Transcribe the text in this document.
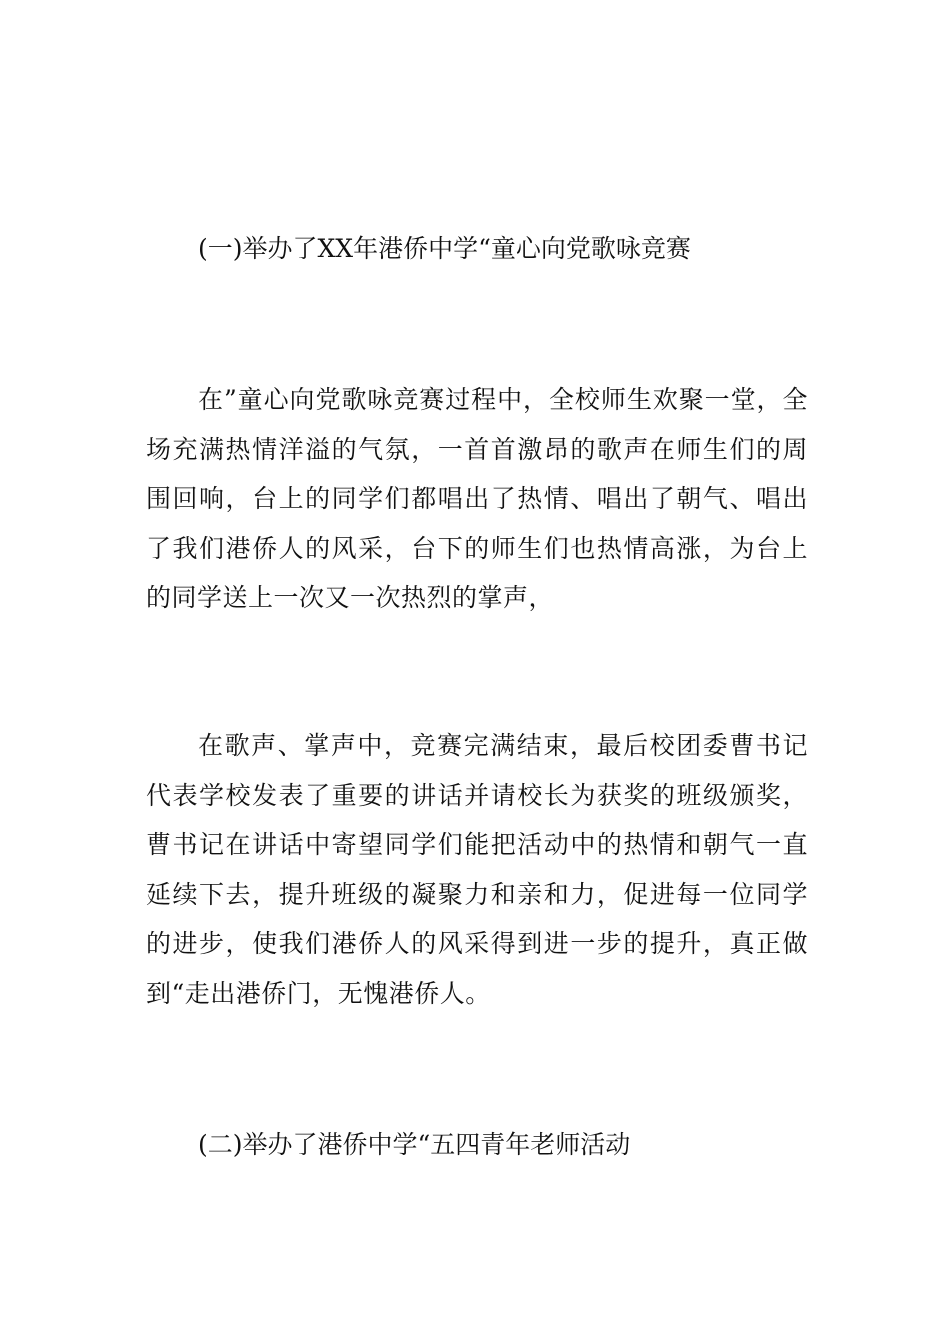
(一)举办了XX年港侨中学“童心向党歌咏竞赛

在”童心向党歌咏竞赛过程中，全校师生欢聚一堂，全场充满热情洋溢的气氛，一首首激昂的歌声在师生们的周围回响，台上的同学们都唱出了热情、唱出了朝气、唱出了我们港侨人的风采，台下的师生们也热情高涨，为台上的同学送上一次又一次热烈的掌声，

在歌声、掌声中，竞赛完满结束，最后校团委曹书记代表学校发表了重要的讲话并请校长为获奖的班级颁奖，曹书记在讲话中寄望同学们能把活动中的热情和朝气一直延续下去，提升班级的凝聚力和亲和力，促进每一位同学的进步，使我们港侨人的风采得到进一步的提升，真正做到“走出港侨门，无愧港侨人。

(二)举办了港侨中学“五四青年老师活动
